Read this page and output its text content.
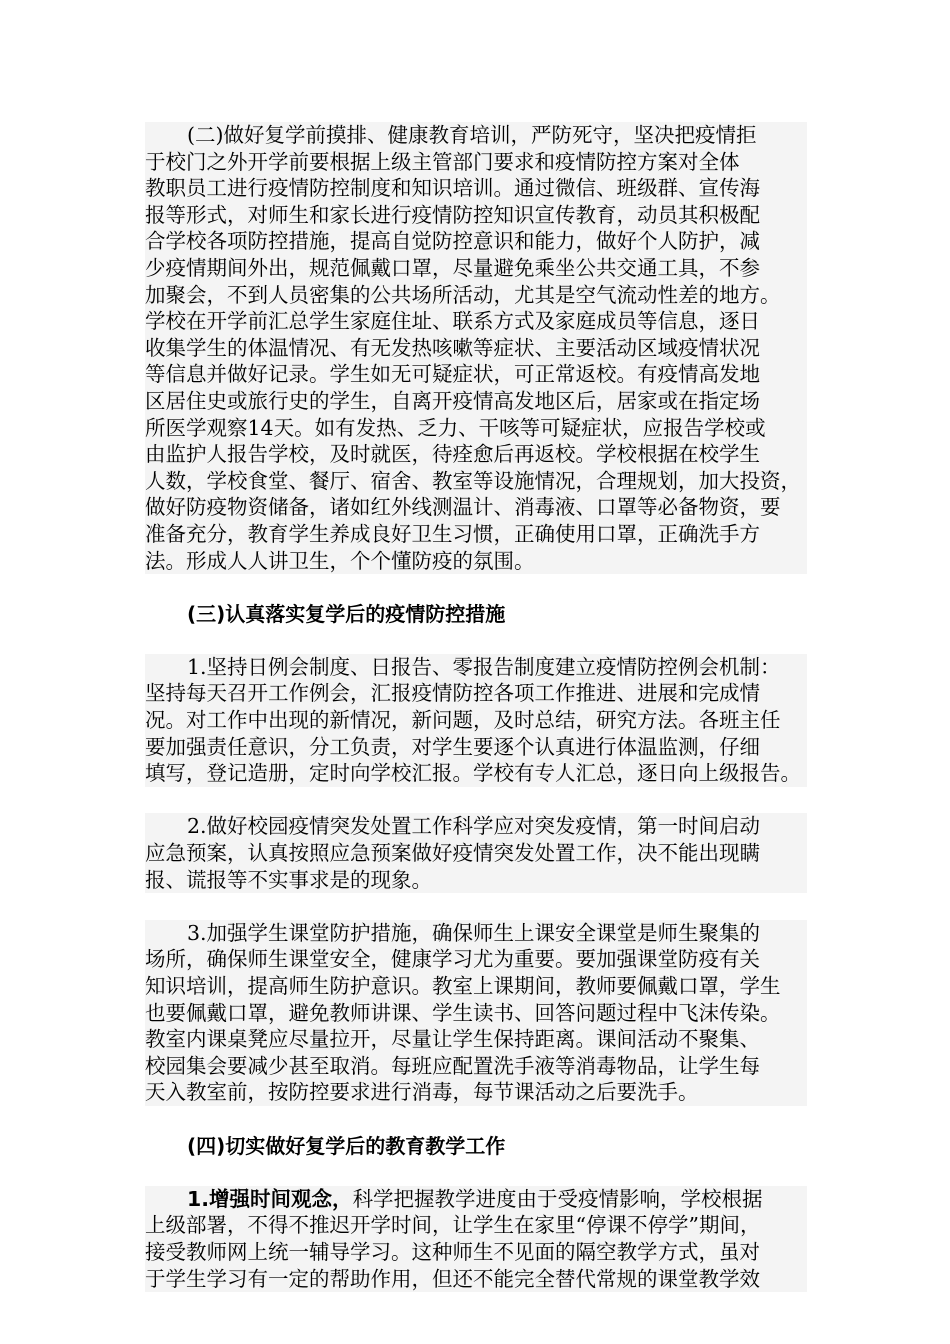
(二)做好复学前摸排、健康教育培训，严防死守，坚决把疫情拒
于校门之外开学前要根据上级主管部门要求和疫情防控方案对全体
教职员工进行疫情防控制度和知识培训。通过微信、班级群、宣传海
报等形式，对师生和家长进行疫情防控知识宣传教育，动员其积极配
合学校各项防控措施，提高自觉防控意识和能力，做好个人防护，减
少疫情期间外出，规范佩戴口罩，尽量避免乘坐公共交通工具，不参
加聚会，不到人员密集的公共场所活动，尤其是空气流动性差的地方。
学校在开学前汇总学生家庭住址、联系方式及家庭成员等信息，逐日
收集学生的体温情况、有无发热咳嗽等症状、主要活动区域疫情状况
等信息并做好记录。学生如无可疑症状，可正常返校。有疫情高发地
区居住史或旅行史的学生，自离开疫情高发地区后，居家或在指定场
所医学观察14天。如有发热、乏力、干咳等可疑症状，应报告学校或
由监护人报告学校，及时就医，待痊愈后再返校。学校根据在校学生
人数，学校食堂、餐厅、宿舍、教室等设施情况，合理规划，加大投资，
做好防疫物资储备，诸如红外线测温计、消毒液、口罩等必备物资，要
准备充分，教育学生养成良好卫生习惯，正确使用口罩，正确洗手方
法。形成人人讲卫生，个个懂防疫的氛围。

(三)认真落实复学后的疫情防控措施

1.坚持日例会制度、日报告、零报告制度建立疫情防控例会机制：
坚持每天召开工作例会，汇报疫情防控各项工作推进、进展和完成情
况。对工作中出现的新情况，新问题，及时总结，研究方法。各班主任
要加强责任意识，分工负责，对学生要逐个认真进行体温监测，仔细
填写，登记造册，定时向学校汇报。学校有专人汇总，逐日向上级报告。

2.做好校园疫情突发处置工作科学应对突发疫情，第一时间启动
应急预案，认真按照应急预案做好疫情突发处置工作，决不能出现瞒
报、谎报等不实事求是的现象。

3.加强学生课堂防护措施，确保师生上课安全课堂是师生聚集的
场所，确保师生课堂安全，健康学习尤为重要。要加强课堂防疫有关
知识培训，提高师生防护意识。教室上课期间，教师要佩戴口罩，学生
也要佩戴口罩，避免教师讲课、学生读书、回答问题过程中飞沫传染。
教室内课桌凳应尽量拉开，尽量让学生保持距离。课间活动不聚集、
校园集会要减少甚至取消。每班应配置洗手液等消毒物品，让学生每
天入教室前，按防控要求进行消毒，每节课活动之后要洗手。

(四)切实做好复学后的教育教学工作

1.增强时间观念，科学把握教学进度由于受疫情影响，学校根据
上级部署，不得不推迟开学时间，让学生在家里“停课不停学”期间，
接受教师网上统一辅导学习。这种师生不见面的隔空教学方式，虽对
于学生学习有一定的帮助作用，但还不能完全替代常规的课堂教学效
